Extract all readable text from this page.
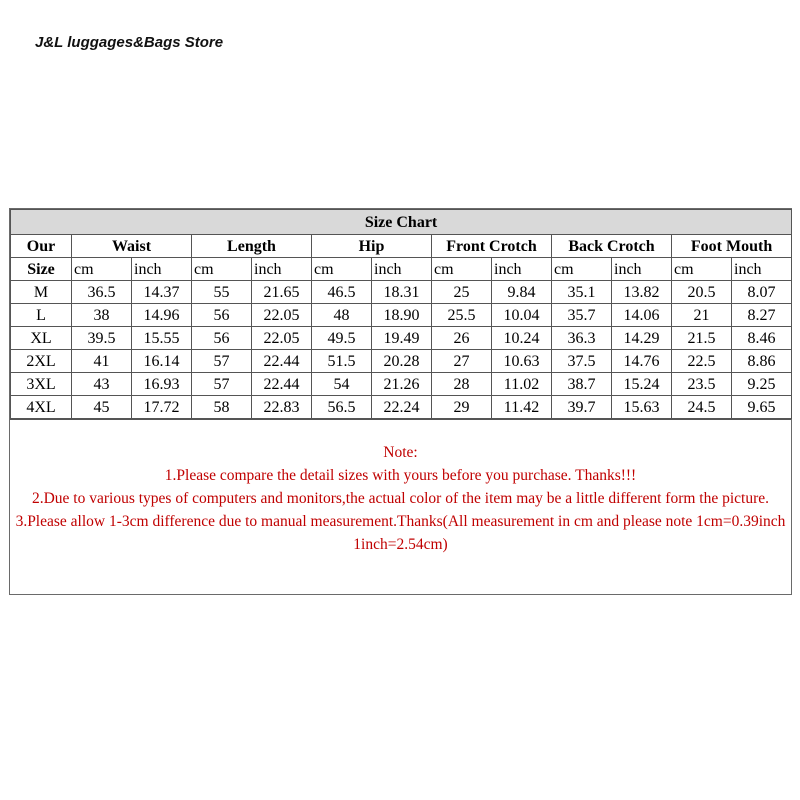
J&L luggages&Bags Store
Size Chart												
Our	Waist		Length		Hip		Front Crotch		Back Crotch		Foot Mouth	
Size	cm	inch	cm	inch	cm	inch	cm	inch	cm	inch	cm	inch
M	36.5	14.37	55	21.65	46.5	18.31	25	9.84	35.1	13.82	20.5	8.07
L	38	14.96	56	22.05	48	18.90	25.5	10.04	35.7	14.06	21	8.27
XL	39.5	15.55	56	22.05	49.5	19.49	26	10.24	36.3	14.29	21.5	8.46
2XL	41	16.14	57	22.44	51.5	20.28	27	10.63	37.5	14.76	22.5	8.86
3XL	43	16.93	57	22.44	54	21.26	28	11.02	38.7	15.24	23.5	9.25
4XL	45	17.72	58	22.83	56.5	22.24	29	11.42	39.7	15.63	24.5	9.65
Note:
1.Please compare the detail sizes with yours before you purchase. Thanks!!!
2.Due to various types of computers and monitors,the actual color of the item may be a little different form the picture.
3.Please allow 1-3cm difference due to manual measurement.Thanks(All measurement in cm and please note 1cm=0.39inch 1inch=2.54cm)
